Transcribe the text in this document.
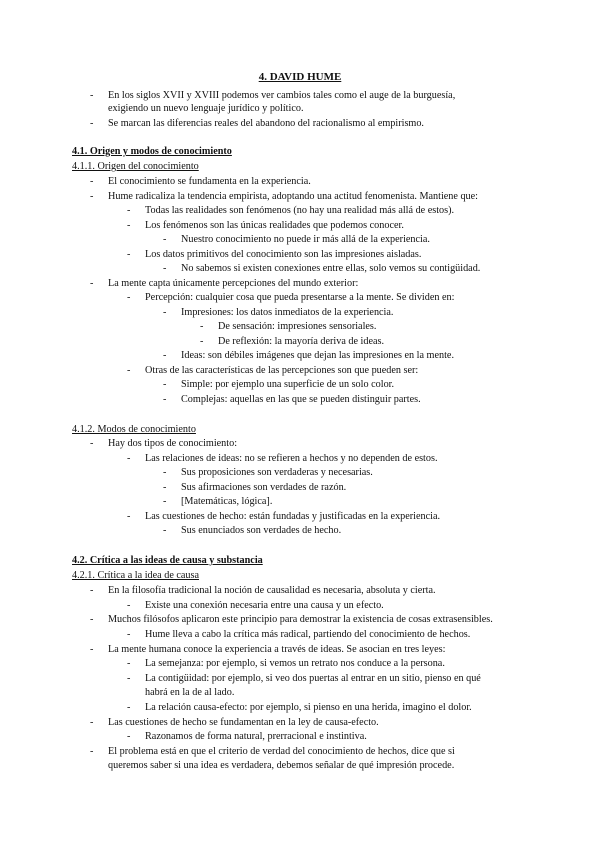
4. DAVID HUME
- En los siglos XVII y XVIII podemos ver cambios tales como el auge de la burguesía,
exigiendo un nuevo lenguaje jurídico y político.
- Se marcan las diferencias reales del abandono del racionalismo al empirismo.
4.1. Origen y modos de conocimiento
4.1.1. Origen del conocimiento
- El conocimiento se fundamenta en la experiencia.
- Hume radicaliza la tendencia empirista, adoptando una actitud fenomenista. Mantiene que:
- Todas las realidades son fenómenos (no hay una realidad más allá de estos).
- Los fenómenos son las únicas realidades que podemos conocer.
- Nuestro conocimiento no puede ir más allá de la experiencia.
- Los datos primitivos del conocimiento son las impresiones aisladas.
- No sabemos si existen conexiones entre ellas, solo vemos su contigüidad.
- La mente capta únicamente percepciones del mundo exterior:
- Percepción: cualquier cosa que pueda presentarse a la mente. Se dividen en:
- Impresiones: los datos inmediatos de la experiencia.
- De sensación: impresiones sensoriales.
- De reflexión: la mayoría deriva de ideas.
- Ideas: son débiles imágenes que dejan las impresiones en la mente.
- Otras de las características de las percepciones son que pueden ser:
- Simple: por ejemplo una superficie de un solo color.
- Complejas: aquellas en las que se pueden distinguir partes.
4.1.2. Modos de conocimiento
- Hay dos tipos de conocimiento:
- Las relaciones de ideas: no se refieren a hechos y no dependen de estos.
- Sus proposiciones son verdaderas y necesarias.
- Sus afirmaciones son verdades de razón.
- [Matemáticas, lógica].
- Las cuestiones de hecho: están fundadas y justificadas en la experiencia.
- Sus enunciados son verdades de hecho.
4.2. Crítica a las ideas de causa y substancia
4.2.1. Crítica a la idea de causa
- En la filosofía tradicional la noción de causalidad es necesaria, absoluta y cierta.
- Existe una conexión necesaria entre una causa y un efecto.
- Muchos filósofos aplicaron este principio para demostrar la existencia de cosas extrasensibles.
- Hume lleva a cabo la crítica más radical, partiendo del conocimiento de hechos.
- La mente humana conoce la experiencia a través de ideas. Se asocian en tres leyes:
- La semejanza: por ejemplo, si vemos un retrato nos conduce a la persona.
- La contigüidad: por ejemplo, si veo dos puertas al entrar en un sitio, pienso en qué
habrá en la de al lado.
- La relación causa-efecto: por ejemplo, si pienso en una herida, imagino el dolor.
- Las cuestiones de hecho se fundamentan en la ley de causa-efecto.
- Razonamos de forma natural, prerracional e instintiva.
- El problema está en que el criterio de verdad del conocimiento de hechos, dice que si
queremos saber si una idea es verdadera, debemos señalar de qué impresión procede.
